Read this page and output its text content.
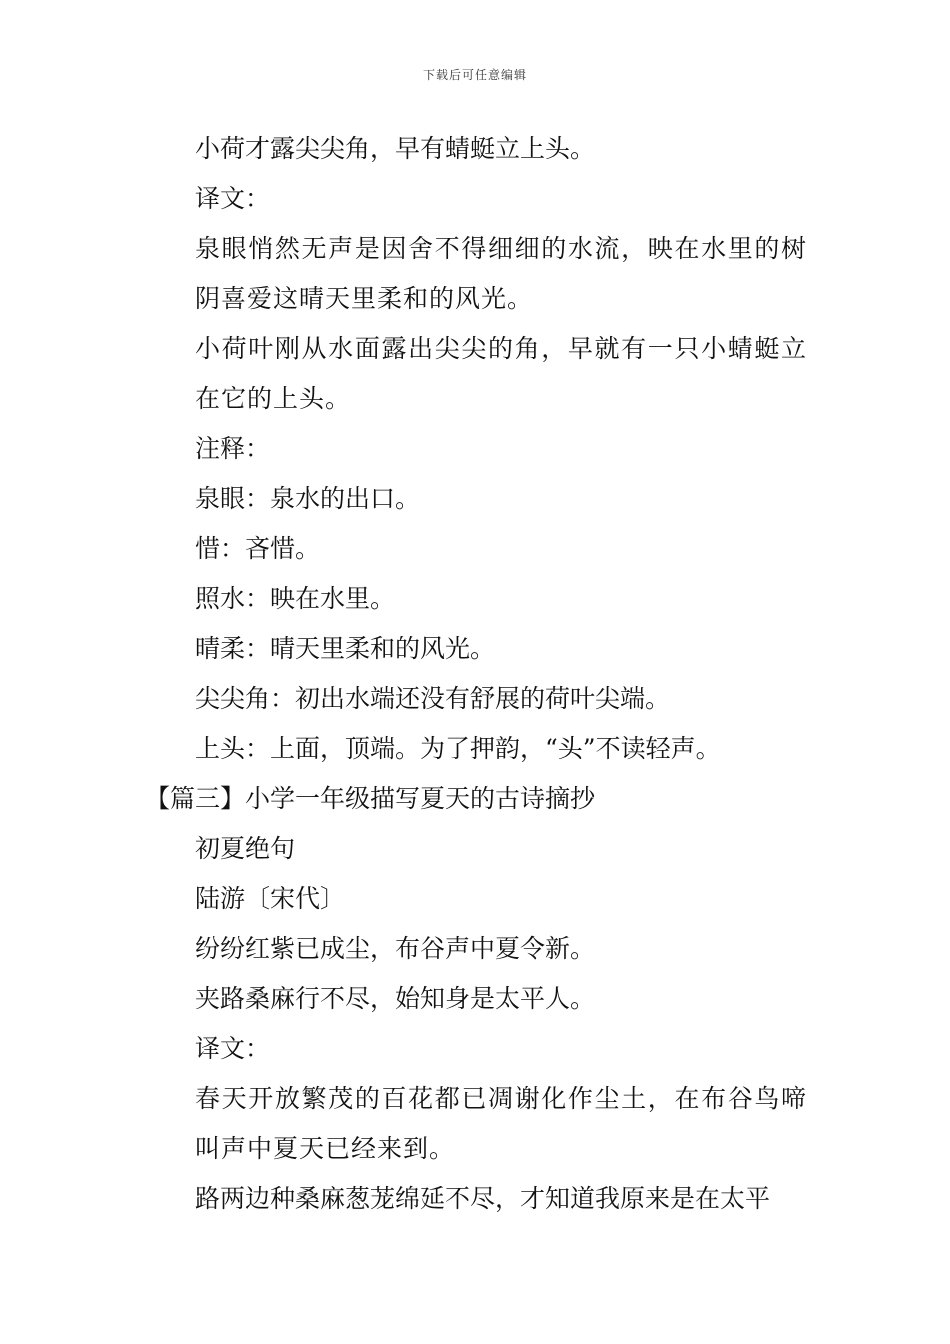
下载后可任意编辑

小荷才露尖尖角，早有蜻蜓立上头。

译文：

泉眼悄然无声是因舍不得细细的水流，映在水里的树阴喜爱这晴天里柔和的风光。

小荷叶刚从水面露出尖尖的角，早就有一只小蜻蜓立在它的上头。

注释：

泉眼：泉水的出口。

惜：吝惜。

照水：映在水里。

晴柔：晴天里柔和的风光。

尖尖角：初出水端还没有舒展的荷叶尖端。

上头：上面，顶端。为了押韵，“头”不读轻声。

【篇三】小学一年级描写夏天的古诗摘抄

初夏绝句

陆游〔宋代〕

纷纷红紫已成尘，布谷声中夏令新。

夹路桑麻行不尽，始知身是太平人。

译文：

春天开放繁茂的百花都已凋谢化作尘土，在布谷鸟啼叫声中夏天已经来到。

路两边种桑麻葱茏绵延不尽，才知道我原来是在太平
